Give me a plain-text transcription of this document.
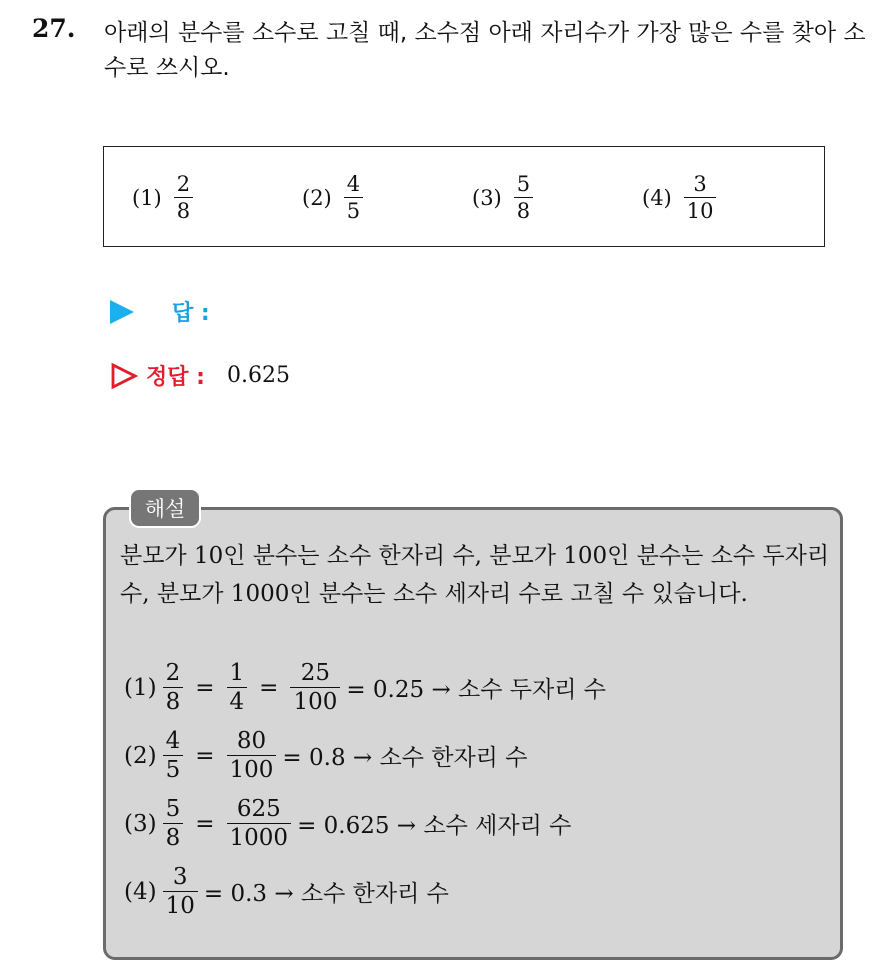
27. 아래의 분수를 소수로 고칠 때, 소수점 아래 자리수가 가장 많은 수를 찾아 소수로 쓰시오.
$(1) \frac{2}{8}$	$(2) \frac{4}{5}$	$(3) \frac{5}{8}$	$(4) \frac{3}{10}$
답 :
정답 : 0.625
해설
분모가 10인 분수는 소수 한자리 수, 분모가 100인 분수는 소수 두자리 수, 분모가 1000인 분수는 소수 세자리 수로 고칠 수 있습니다.
$(1) \frac{2}{8} = \frac{1}{4} = \frac{25}{100} = 0.25$ → 소수 두자리 수
$(2) \frac{4}{5} = \frac{80}{100} = 0.8$ → 소수 한자리 수
$(3) \frac{5}{8} = \frac{625}{1000} = 0.625$ → 소수 세자리 수
$(4) \frac{3}{10} = 0.3$ → 소수 한자리 수
